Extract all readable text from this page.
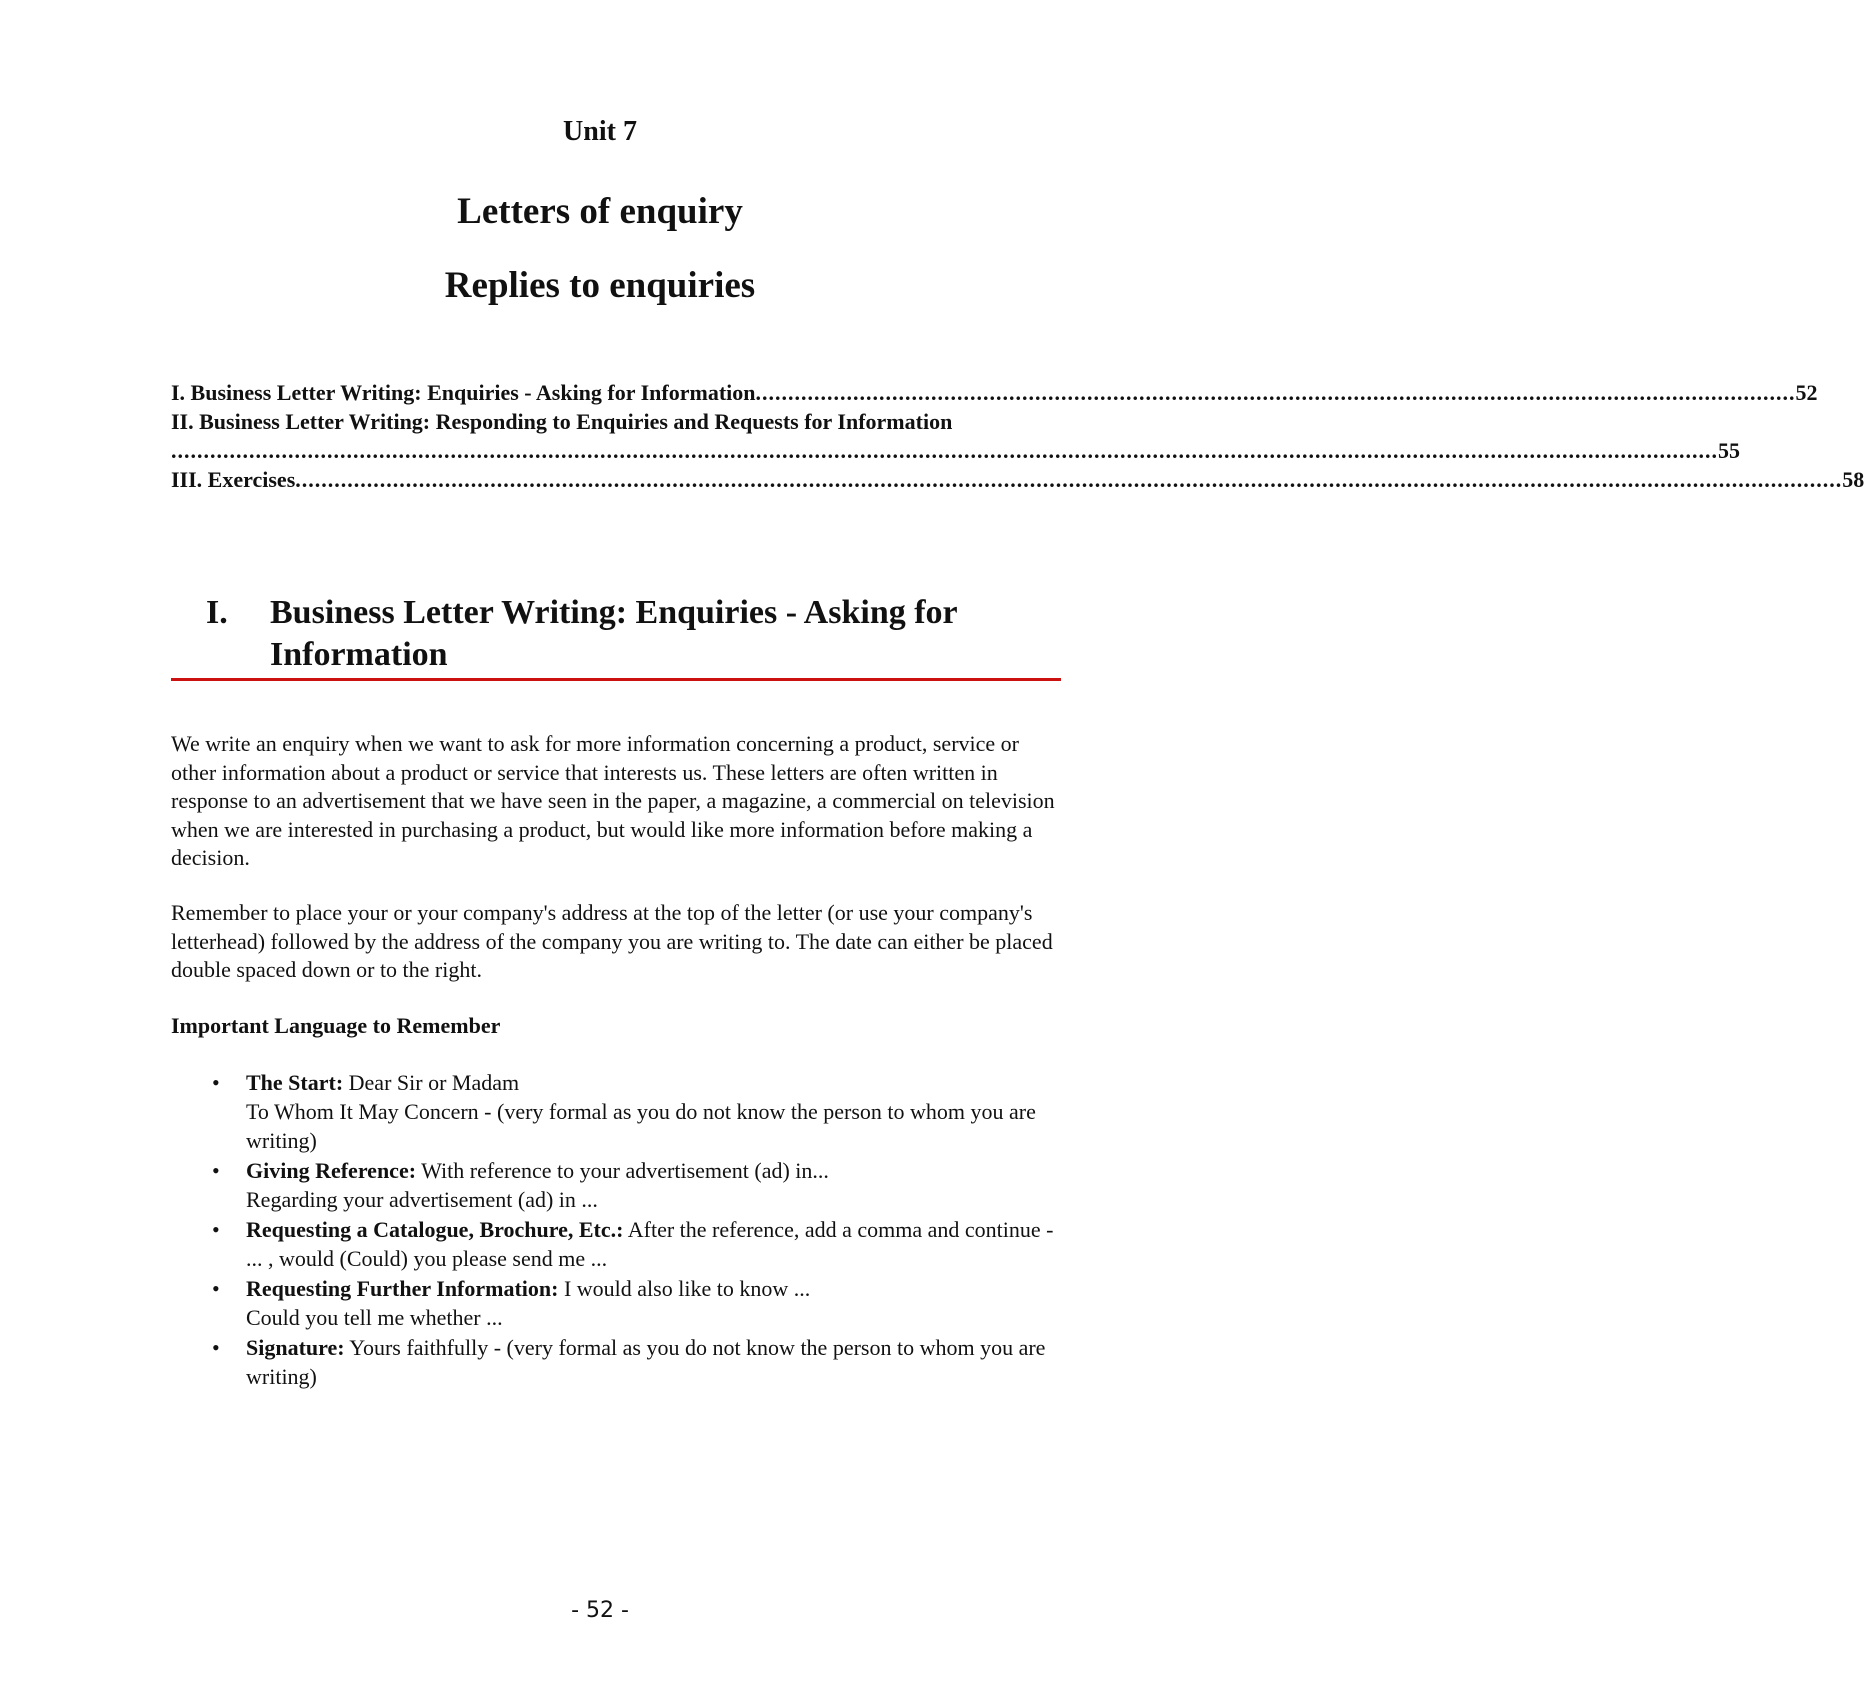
Unit 7
Letters of enquiry
Replies to enquiries
I. Business Letter Writing: Enquiries - Asking for Information ................................................................................................................................................................ 52
II. Business Letter Writing: Responding to Enquiries and Requests for Information
.............................................................................................................................................................................................................................................. 55
III. Exercises .............................................................................................................................................................................................................................................. 58
I. Business Letter Writing: Enquiries - Asking for Information
We write an enquiry when we want to ask for more information concerning a product, service or other information about a product or service that interests us. These letters are often written in response to an advertisement that we have seen in the paper, a magazine, a commercial on television when we are interested in purchasing a product, but would like more information before making a decision.
Remember to place your or your company's address at the top of the letter (or use your company's letterhead) followed by the address of the company you are writing to. The date can either be placed double spaced down or to the right.
Important Language to Remember
• The Start: Dear Sir or Madam
To Whom It May Concern - (very formal as you do not know the person to whom you are writing)
• Giving Reference: With reference to your advertisement (ad) in...
Regarding your advertisement (ad) in ...
• Requesting a Catalogue, Brochure, Etc.: After the reference, add a comma and continue - ... , would (Could) you please send me ...
• Requesting Further Information: I would also like to know ...
Could you tell me whether ...
• Signature: Yours faithfully - (very formal as you do not know the person to whom you are writing)
- 52 -
